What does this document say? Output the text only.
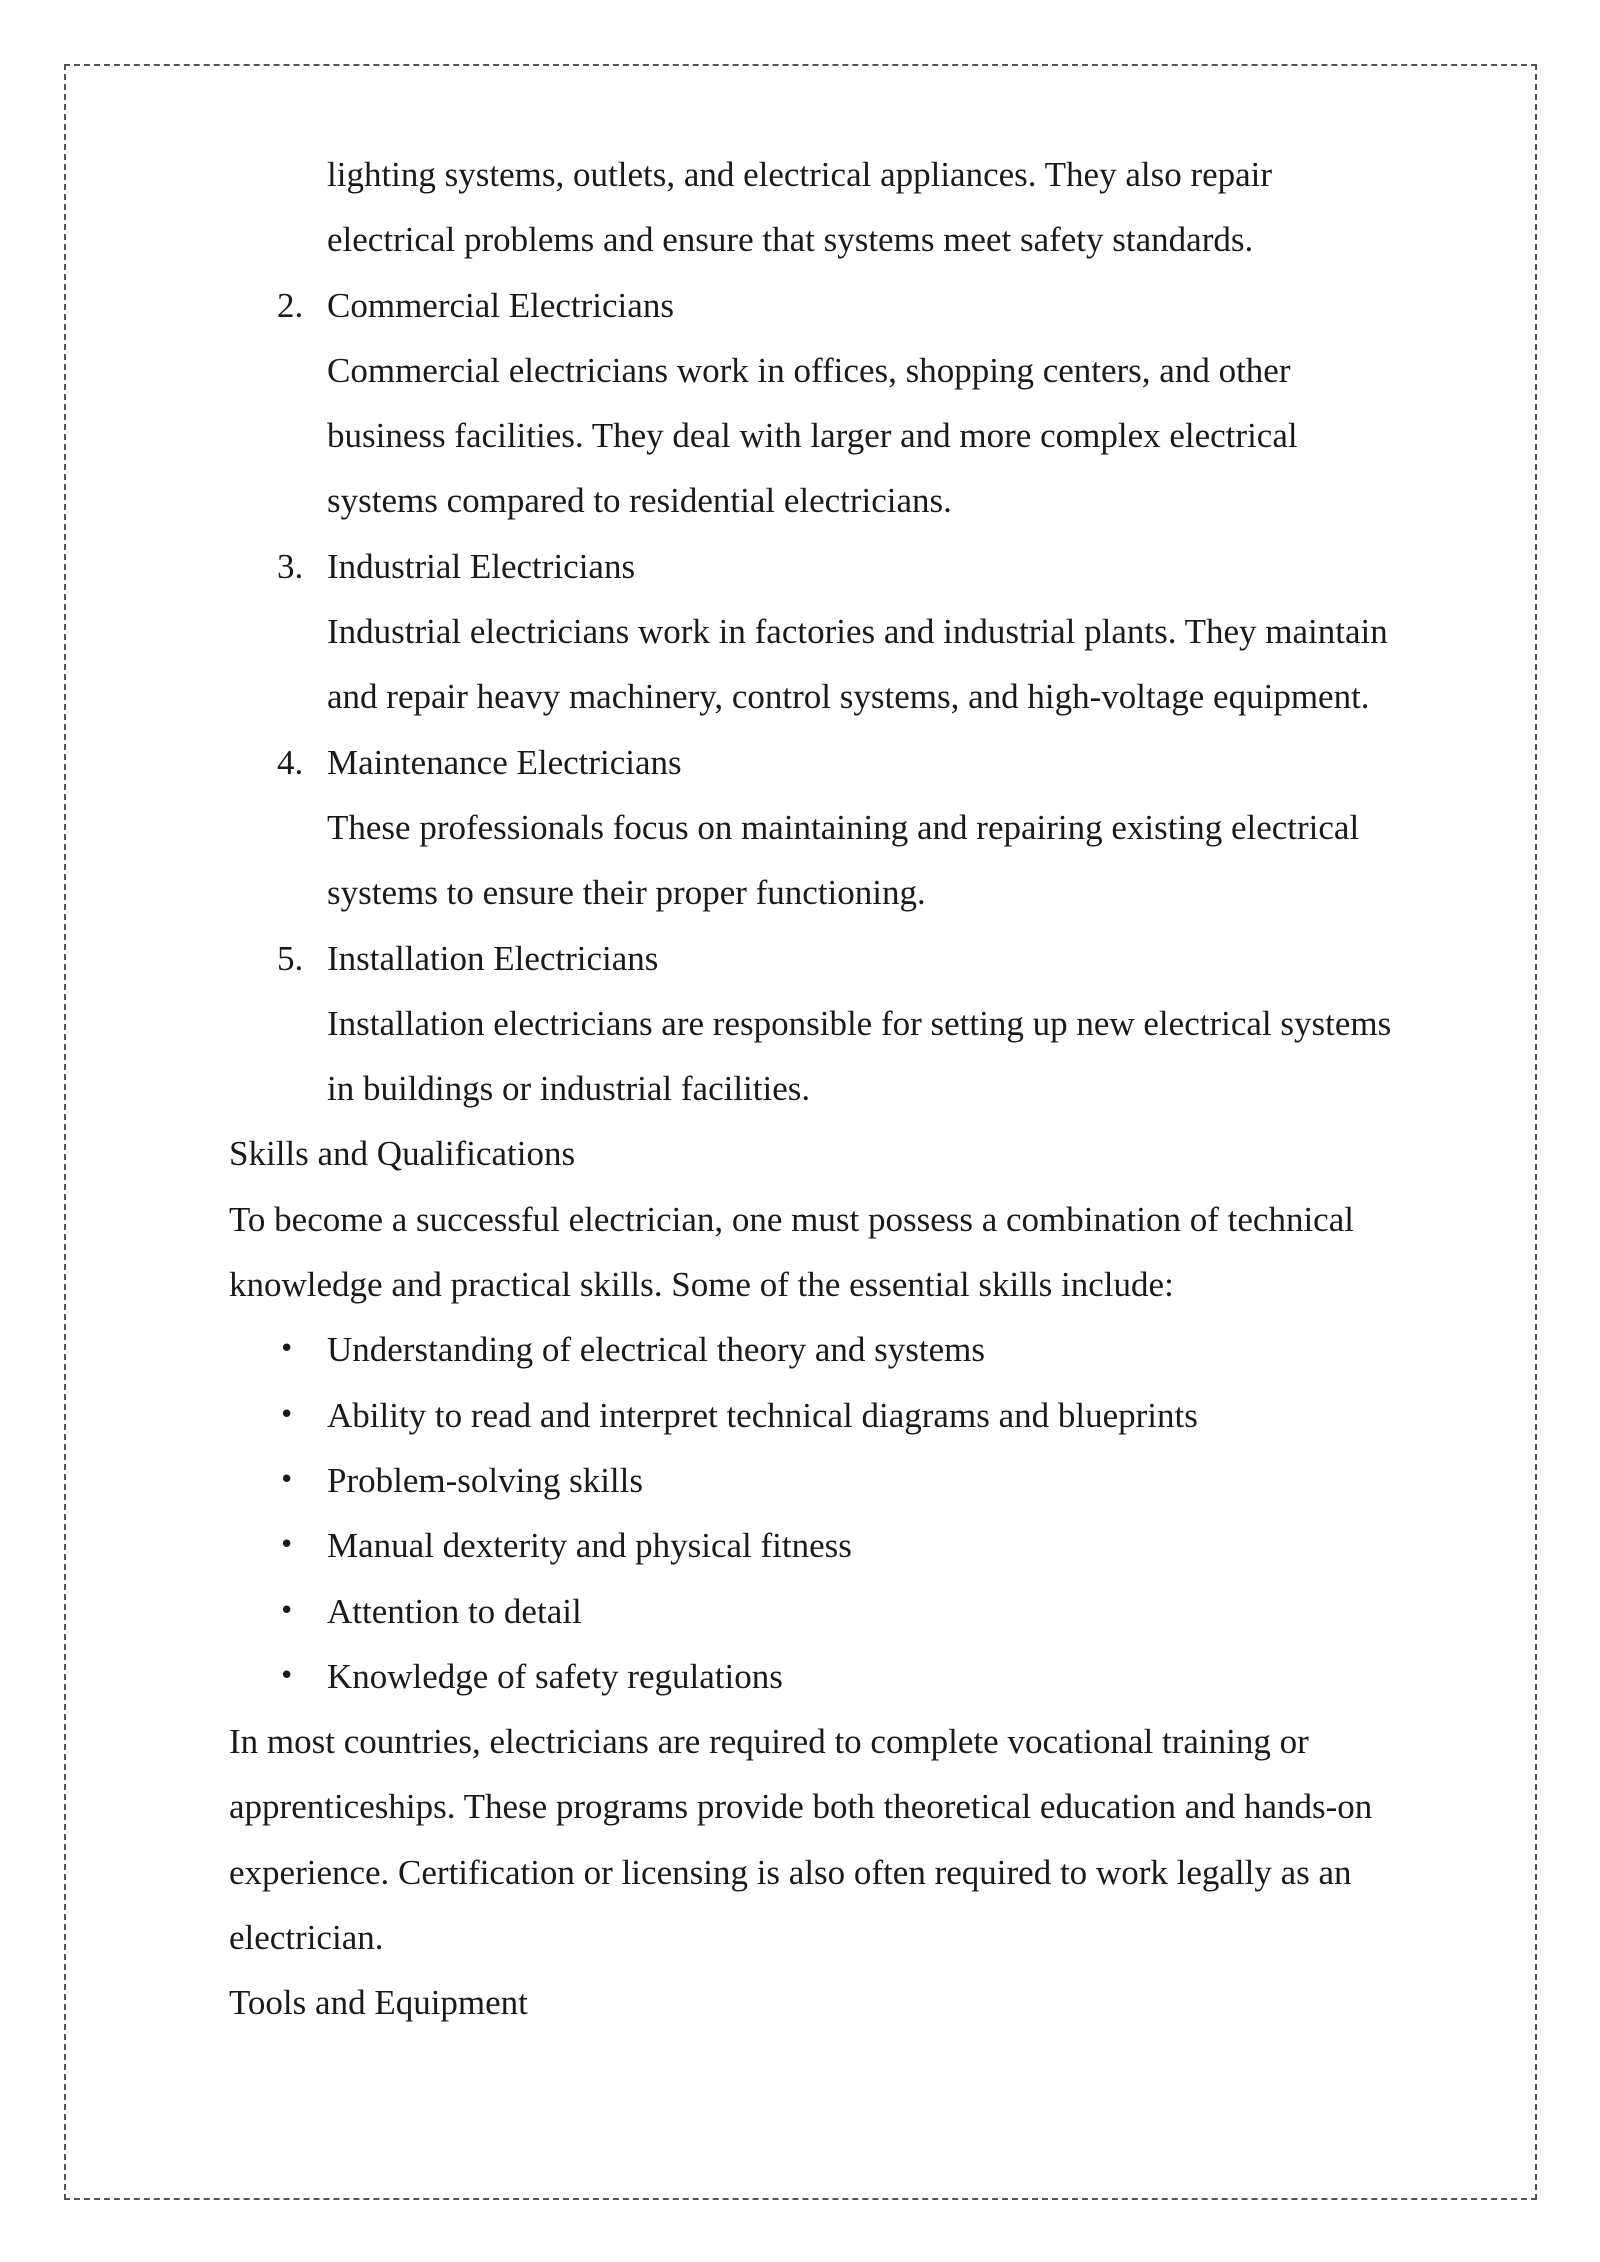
lighting systems, outlets, and electrical appliances. They also repair

electrical problems and ensure that systems meet safety standards.

2. Commercial Electricians

Commercial electricians work in offices, shopping centers, and other

business facilities. They deal with larger and more complex electrical

systems compared to residential electricians.

3. Industrial Electricians

Industrial electricians work in factories and industrial plants. They maintain

and repair heavy machinery, control systems, and high-voltage equipment.

4. Maintenance Electricians

These professionals focus on maintaining and repairing existing electrical

systems to ensure their proper functioning.

5. Installation Electricians

Installation electricians are responsible for setting up new electrical systems

in buildings or industrial facilities.

Skills and Qualifications

To become a successful electrician, one must possess a combination of technical

knowledge and practical skills. Some of the essential skills include:

• Understanding of electrical theory and systems
• Ability to read and interpret technical diagrams and blueprints
• Problem-solving skills
• Manual dexterity and physical fitness
• Attention to detail
• Knowledge of safety regulations

In most countries, electricians are required to complete vocational training or

apprenticeships. These programs provide both theoretical education and hands-on

experience. Certification or licensing is also often required to work legally as an

electrician.

Tools and Equipment
